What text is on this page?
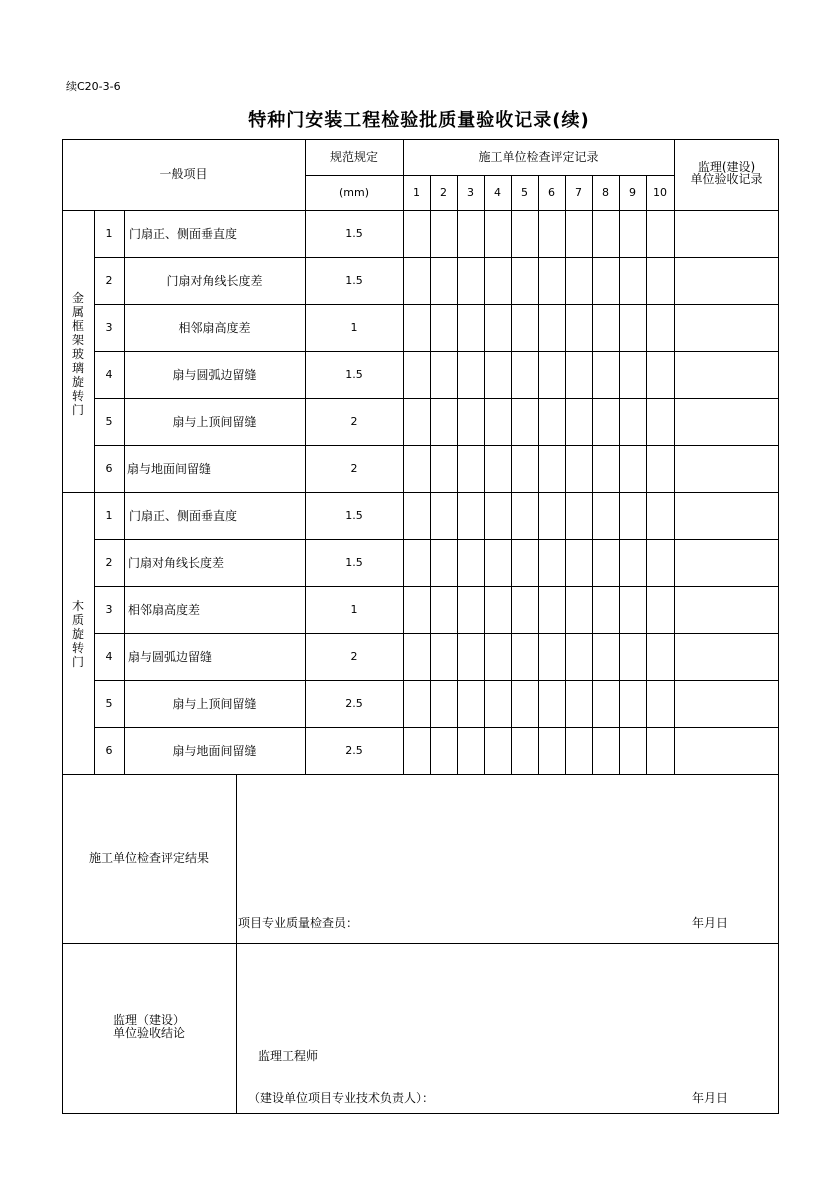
续C20-3-6
特种门安装工程检验批质量验收记录(续)
一般项目
规范规定
(mm)
施工单位检查评定记录
监理(建设)
单位验收记录
1	2	3	4	5	6	7	8	9	10
金属框架玻璃旋转门
木质旋转门
1	门扇正、侧面垂直度	1.5
2	门扇对角线长度差	1.5
3	相邻扇高度差	1
4	扇与圆弧边留缝	1.5
5	扇与上顶间留缝	2
6	扇与地面间留缝	2
1	门扇正、侧面垂直度	1.5
2	门扇对角线长度差	1.5
3	相邻扇高度差	1
4	扇与圆弧边留缝	2
5	扇与上顶间留缝	2.5
6	扇与地面间留缝	2.5
施工单位检查评定结果
项目专业质量检查员：	年月日
监理（建设）
单位验收结论
监理工程师
（建设单位项目专业技术负责人）：	年月日
